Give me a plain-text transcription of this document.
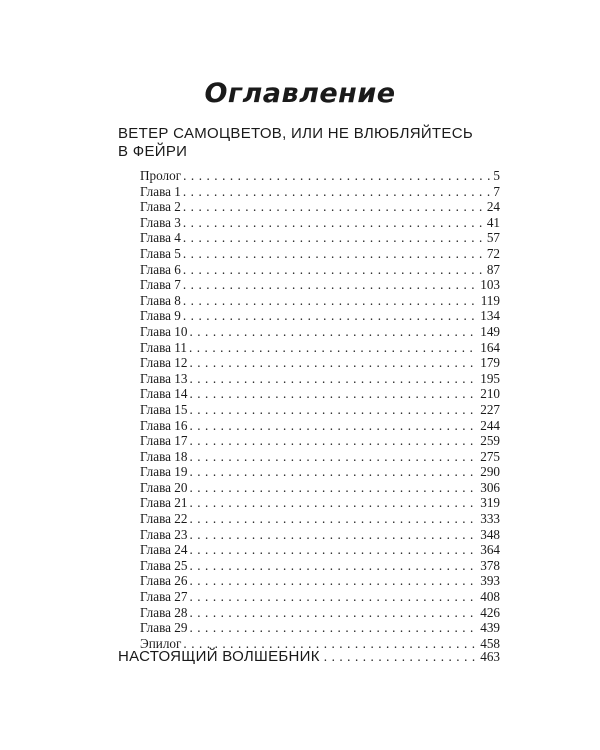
Оглавление
ВЕТЕР САМОЦВЕТОВ, ИЛИ НЕ ВЛЮБЛЯЙТЕСЬ
В ФЕЙРИ
Пролог . . .	5
Глава 1 . . .	7
Глава 2 . . .	24
Глава 3 . . .	41
Глава 4 . . .	57
Глава 5 . . .	72
Глава 6 . . .	87
Глава 7 . . .	103
Глава 8 . . .	119
Глава 9 . . .	134
Глава 10 . . .	149
Глава 11 . . .	164
Глава 12 . . .	179
Глава 13 . . .	195
Глава 14 . . .	210
Глава 15 . . .	227
Глава 16 . . .	244
Глава 17 . . .	259
Глава 18 . . .	275
Глава 19 . . .	290
Глава 20 . . .	306
Глава 21 . . .	319
Глава 22 . . .	333
Глава 23 . . .	348
Глава 24 . . .	364
Глава 25 . . .	378
Глава 26 . . .	393
Глава 27 . . .	408
Глава 28 . . .	426
Глава 29 . . .	439
Эпилог . . .	458
НАСТОЯЩИЙ ВОЛШЕБНИК . . .	463
